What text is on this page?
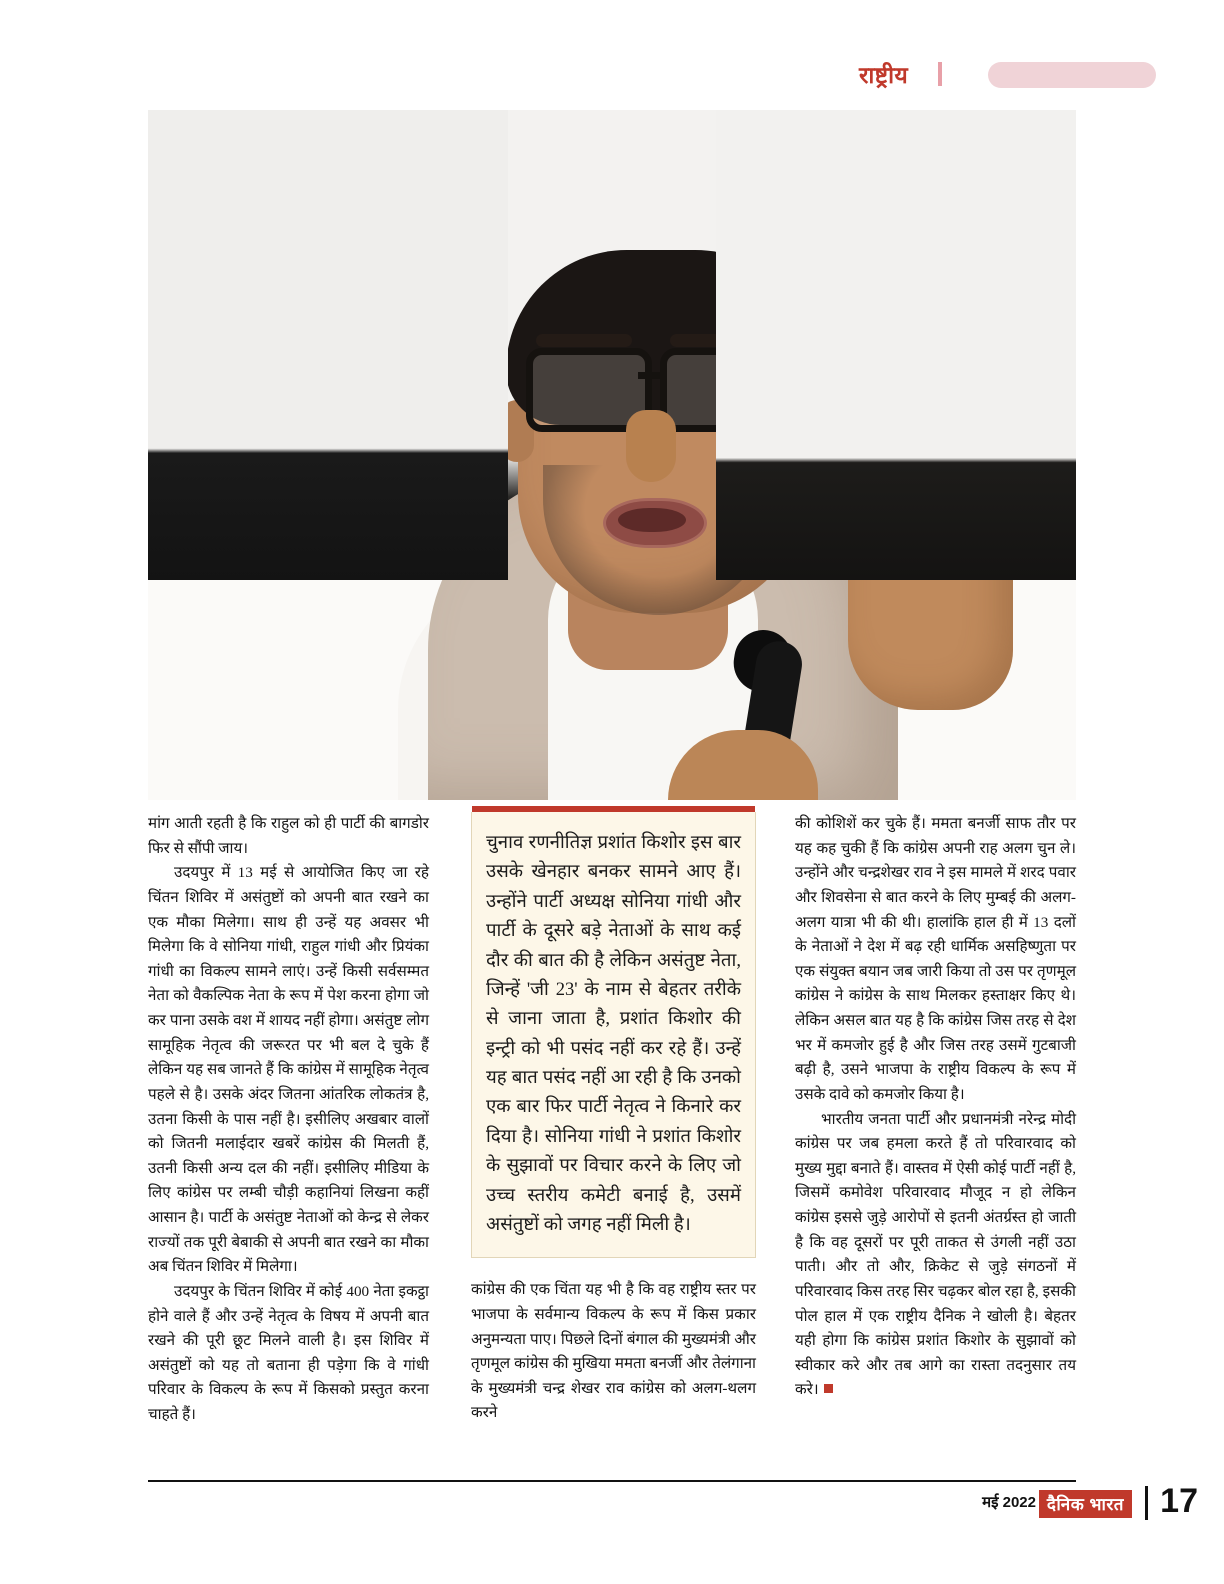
राष्ट्रीय

मांग आती रहती है कि राहुल को ही पार्टी की बागडोर फिर से सौंपी जाय।

उदयपुर में 13 मई से आयोजित किए जा रहे चिंतन शिविर में असंतुष्टों को अपनी बात रखने का एक मौका मिलेगा। साथ ही उन्हें यह अवसर भी मिलेगा कि वे सोनिया गांधी, राहुल गांधी और प्रियंका गांधी का विकल्प सामने लाएं। उन्हें किसी सर्वसम्मत नेता को वैकल्पिक नेता के रूप में पेश करना होगा जो कर पाना उसके वश में शायद नहीं होगा। असंतुष्ट लोग सामूहिक नेतृत्व की जरूरत पर भी बल दे चुके हैं लेकिन यह सब जानते हैं कि कांग्रेस में सामूहिक नेतृत्व पहले से है। उसके अंदर जितना आंतरिक लोकतंत्र है, उतना किसी के पास नहीं है। इसीलिए अखबार वालों को जितनी मलाईदार खबरें कांग्रेस की मिलती हैं, उतनी किसी अन्य दल की नहीं। इसीलिए मीडिया के लिए कांग्रेस पर लम्बी चौड़ी कहानियां लिखना कहीं आसान है। पार्टी के असंतुष्ट नेताओं को केन्द्र से लेकर राज्यों तक पूरी बेबाकी से अपनी बात रखने का मौका अब चिंतन शिविर में मिलेगा।

उदयपुर के चिंतन शिविर में कोई 400 नेता इकट्ठा होने वाले हैं और उन्हें नेतृत्व के विषय में अपनी बात रखने की पूरी छूट मिलने वाली है। इस शिविर में असंतुष्टों को यह तो बताना ही पड़ेगा कि वे गांधी परिवार के विकल्प के रूप में किसको प्रस्तुत करना चाहते हैं।

चुनाव रणनीतिज्ञ प्रशांत किशोर इस बार उसके खेनहार बनकर सामने आए हैं। उन्होंने पार्टी अध्यक्ष सोनिया गांधी और पार्टी के दूसरे बड़े नेताओं के साथ कई दौर की बात की है लेकिन असंतुष्ट नेता, जिन्हें 'जी 23' के नाम से बेहतर तरीके से जाना जाता है, प्रशांत किशोर की इन्ट्री को भी पसंद नहीं कर रहे हैं। उन्हें यह बात पसंद नहीं आ रही है कि उनको एक बार फिर पार्टी नेतृत्व ने किनारे कर दिया है। सोनिया गांधी ने प्रशांत किशोर के सुझावों पर विचार करने के लिए जो उच्च स्तरीय कमेटी बनाई है, उसमें असंतुष्टों को जगह नहीं मिली है।

कांग्रेस की एक चिंता यह भी है कि वह राष्ट्रीय स्तर पर भाजपा के सर्वमान्य विकल्प के रूप में किस प्रकार अनुमन्यता पाए। पिछले दिनों बंगाल की मुख्यमंत्री और तृणमूल कांग्रेस की मुखिया ममता बनर्जी और तेलंगाना के मुख्यमंत्री चन्द्र शेखर राव कांग्रेस को अलग-थलग करने

की कोशिशें कर चुके हैं। ममता बनर्जी साफ तौर पर यह कह चुकी हैं कि कांग्रेस अपनी राह अलग चुन ले। उन्होंने और चन्द्रशेखर राव ने इस मामले में शरद पवार और शिवसेना से बात करने के लिए मुम्बई की अलग-अलग यात्रा भी की थी। हालांकि हाल ही में 13 दलों के नेताओं ने देश में बढ़ रही धार्मिक असहिष्णुता पर एक संयुक्त बयान जब जारी किया तो उस पर तृणमूल कांग्रेस ने कांग्रेस के साथ मिलकर हस्ताक्षर किए थे। लेकिन असल बात यह है कि कांग्रेस जिस तरह से देश भर में कमजोर हुई है और जिस तरह उसमें गुटबाजी बढ़ी है, उसने भाजपा के राष्ट्रीय विकल्प के रूप में उसके दावे को कमजोर किया है।

भारतीय जनता पार्टी और प्रधानमंत्री नरेन्द्र मोदी कांग्रेस पर जब हमला करते हैं तो परिवारवाद को मुख्य मुद्दा बनाते हैं। वास्तव में ऐसी कोई पार्टी नहीं है, जिसमें कमोवेश परिवारवाद मौजूद न हो लेकिन कांग्रेस इससे जुड़े आरोपों से इतनी अंतर्ग्रस्त हो जाती है कि वह दूसरों पर पूरी ताकत से उंगली नहीं उठा पाती। और तो और, क्रिकेट से जुड़े संगठनों में परिवारवाद किस तरह सिर चढ़कर बोल रहा है, इसकी पोल हाल में एक राष्ट्रीय दैनिक ने खोली है। बेहतर यही होगा कि कांग्रेस प्रशांत किशोर के सुझावों को स्वीकार करे और तब आगे का रास्ता तदनुसार तय करे।

मई 2022 दैनिक भारत 17
